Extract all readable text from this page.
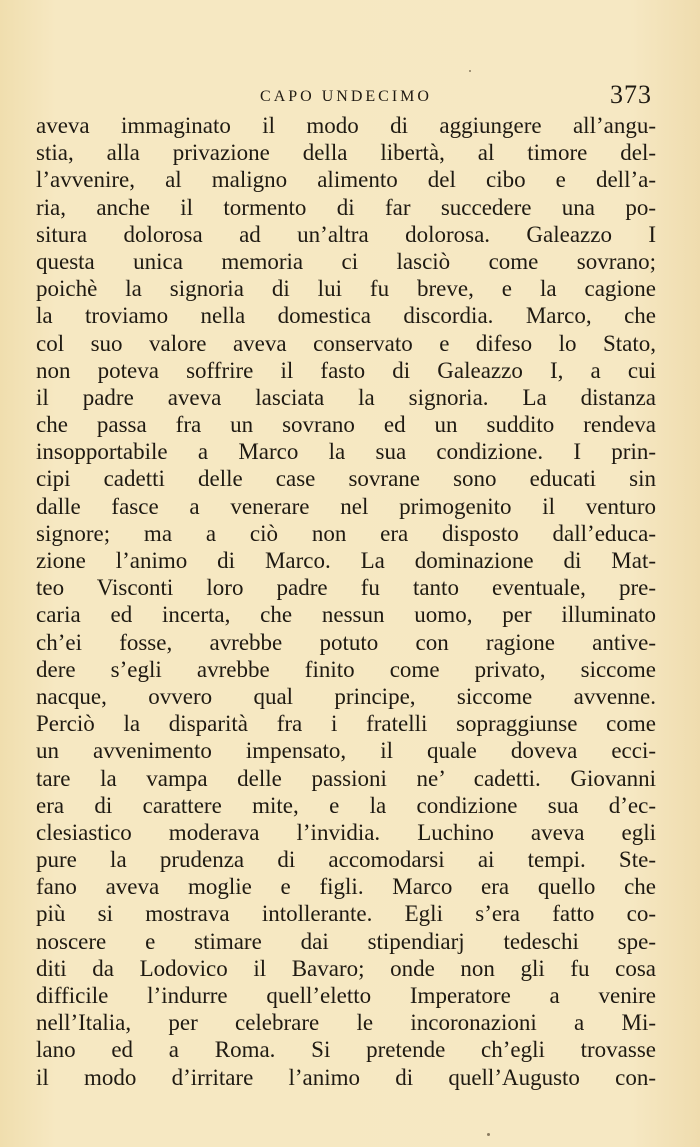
CAPO UNDECIMO	373
aveva immaginato il modo di aggiungere all’angu-
stia, alla privazione della libertà, al timore del-
l’avvenire, al maligno alimento del cibo e dell’a-
ria, anche il tormento di far succedere una po-
situra dolorosa ad un’altra dolorosa. Galeazzo I
questa unica memoria ci lasciò come sovrano;
poichè la signoria di lui fu breve, e la cagione
la troviamo nella domestica discordia. Marco, che
col suo valore aveva conservato e difeso lo Stato,
non poteva soffrire il fasto di Galeazzo I, a cui
il padre aveva lasciata la signoria. La distanza
che passa fra un sovrano ed un suddito rendeva
insopportabile a Marco la sua condizione. I prin-
cipi cadetti delle case sovrane sono educati sin
dalle fasce a venerare nel primogenito il venturo
signore; ma a ciò non era disposto dall’educa-
zione l’animo di Marco. La dominazione di Mat-
teo Visconti loro padre fu tanto eventuale, pre-
caria ed incerta, che nessun uomo, per illuminato
ch’ei fosse, avrebbe potuto con ragione antive-
dere s’egli avrebbe finito come privato, siccome
nacque, ovvero qual principe, siccome avvenne.
Perciò la disparità fra i fratelli sopraggiunse come
un avvenimento impensato, il quale doveva ecci-
tare la vampa delle passioni ne’ cadetti. Giovanni
era di carattere mite, e la condizione sua d’ec-
clesiastico moderava l’invidia. Luchino aveva egli
pure la prudenza di accomodarsi ai tempi. Ste-
fano aveva moglie e figli. Marco era quello che
più si mostrava intollerante. Egli s’era fatto co-
noscere e stimare dai stipendiarj tedeschi spe-
diti da Lodovico il Bavaro; onde non gli fu cosa
difficile l’indurre quell’eletto Imperatore a venire
nell’Italia, per celebrare le incoronazioni a Mi-
lano ed a Roma. Si pretende ch’egli trovasse
il modo d’irritare l’animo di quell’Augusto con-
